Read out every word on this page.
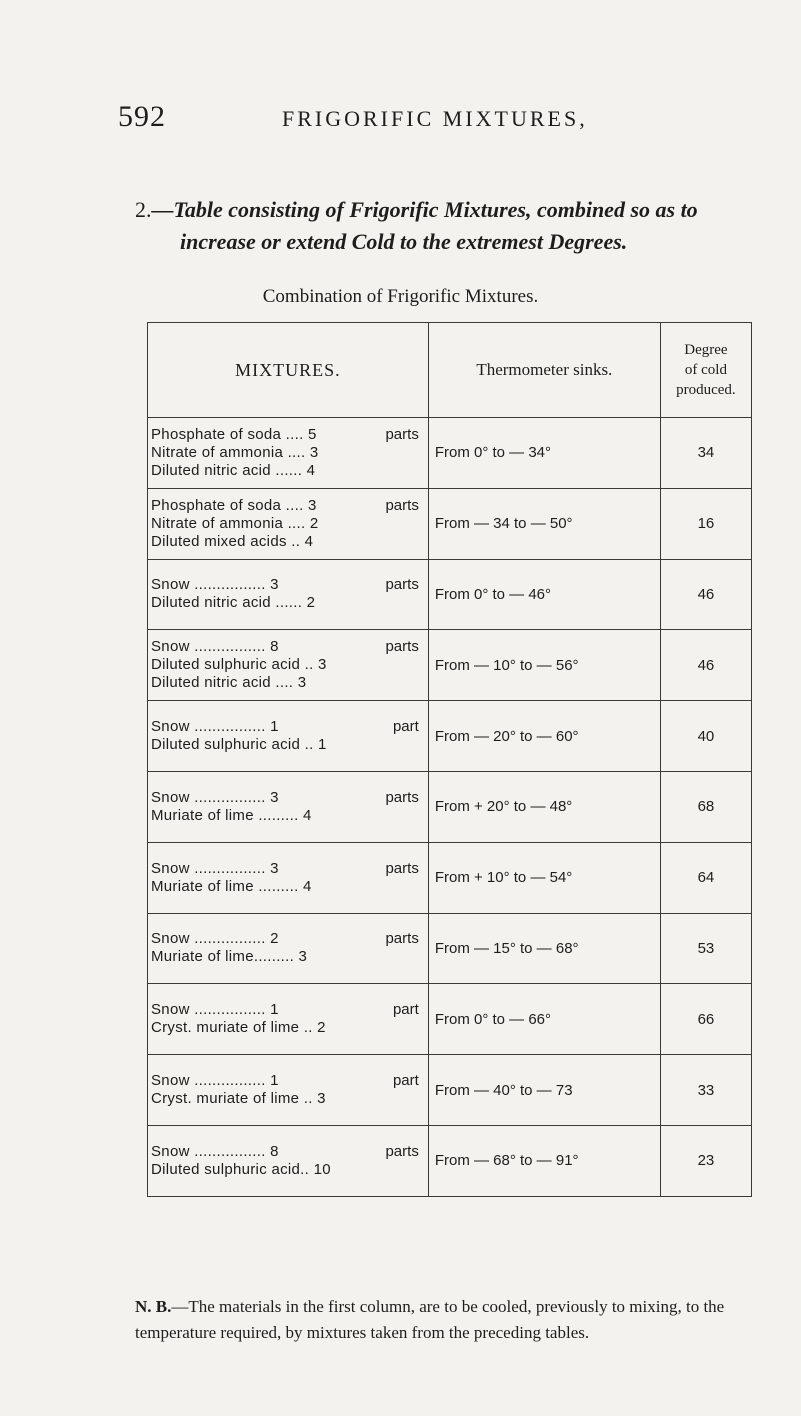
592	FRIGORIFIC MIXTURES,
2.—Table consisting of Frigorific Mixtures, combined so as to
increase or extend Cold to the extremest Degrees.
Combination of Frigorific Mixtures.
MIXTURES.	Thermometer sinks.	Degree
of cold
produced.

Phosphate of soda .... 5 parts
Nitrate of ammonia .... 3
Diluted nitric acid ...... 4	From 0° to — 34°	34

Phosphate of soda .... 3 parts
Nitrate of ammonia .... 2
Diluted mixed acids .. 4	From — 34 to — 50°	16

Snow ................ 3 parts
Diluted nitric acid ...... 2	From 0° to — 46°	46

Snow ................ 8 parts
Diluted sulphuric acid .. 3
Diluted nitric acid .... 3	From — 10° to — 56°	46

Snow ................ 1 part
Diluted sulphuric acid .. 1	From — 20° to — 60°	40

Snow ................ 3 parts
Muriate of lime ......... 4	From + 20° to — 48°	68

Snow ................ 3 parts
Muriate of lime ......... 4	From + 10° to — 54°	64

Snow ................ 2 parts
Muriate of lime......... 3	From — 15° to — 68°	53

Snow ................ 1 part
Cryst. muriate of lime .. 2	From 0° to — 66°	66

Snow ................ 1 part
Cryst. muriate of lime .. 3	From — 40° to — 73	33

Snow ................ 8 parts
Diluted sulphuric acid.. 10	From — 68° to — 91°	23
N. B.—The materials in the first column, are to be cooled, previously to mixing, to the temperature required, by mixtures taken from the preceding tables.
